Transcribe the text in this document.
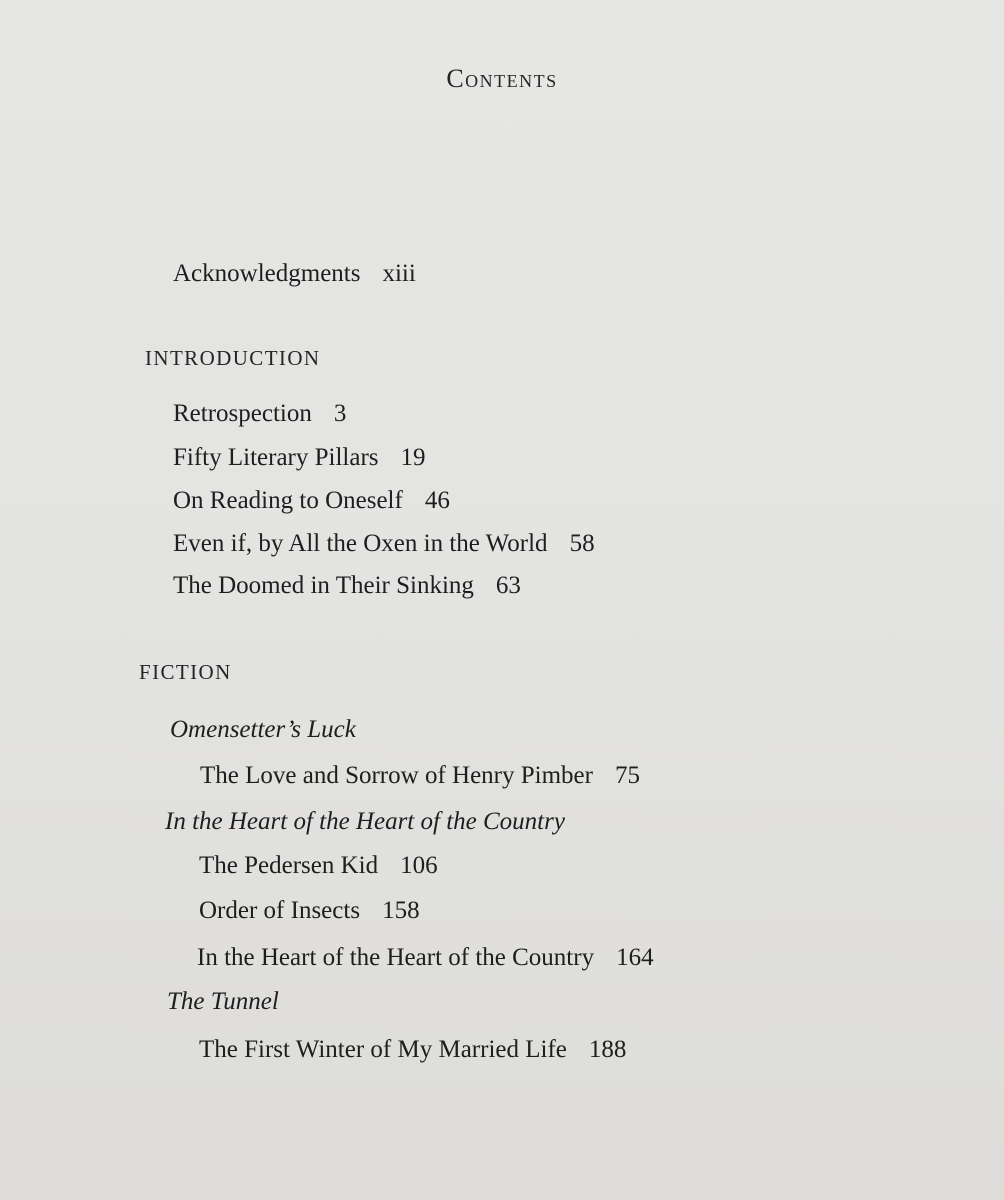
Contents
Acknowledgments xiii
INTRODUCTION
Retrospection 3
Fifty Literary Pillars 19
On Reading to Oneself 46
Even if, by All the Oxen in the World 58
The Doomed in Their Sinking 63
FICTION
Omensetter’s Luck
The Love and Sorrow of Henry Pimber 75
In the Heart of the Heart of the Country
The Pedersen Kid 106
Order of Insects 158
In the Heart of the Heart of the Country 164
The Tunnel
The First Winter of My Married Life 188
